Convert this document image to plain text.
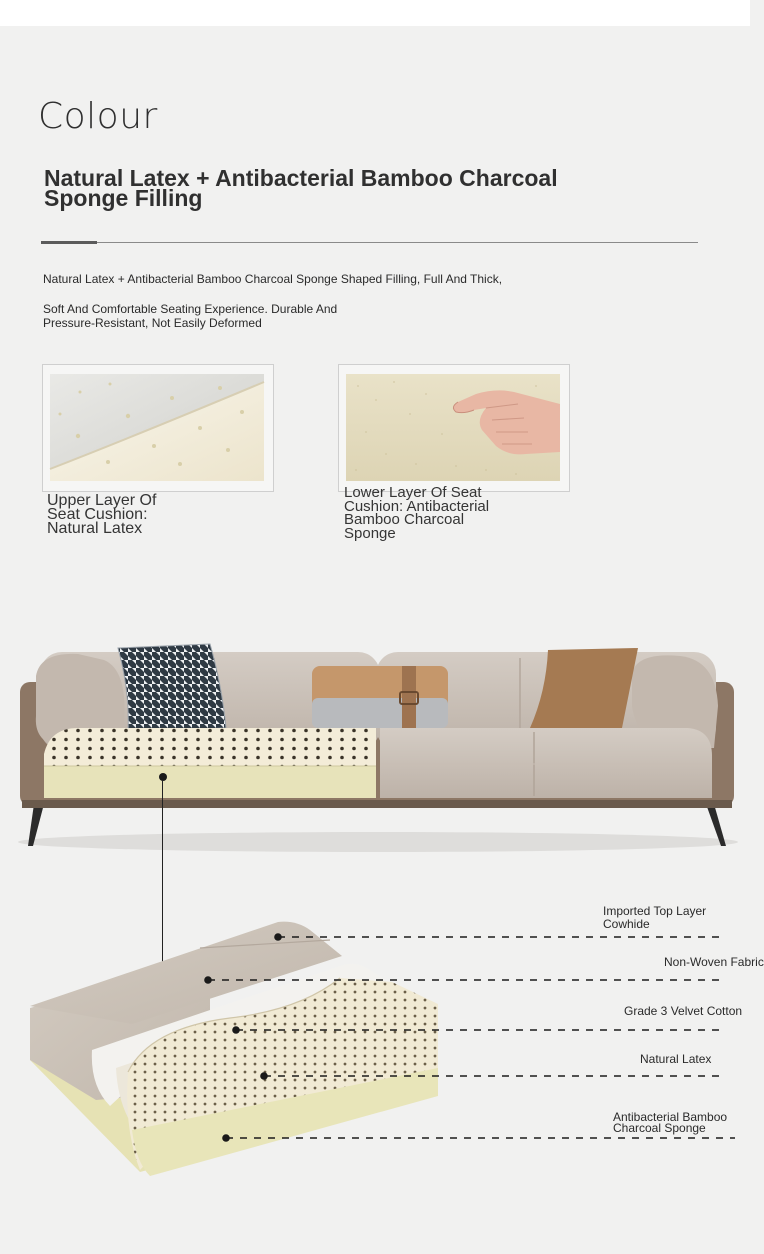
Colour
Natural Latex + Antibacterial Bamboo Charcoal Sponge Filling
Natural Latex + Antibacterial Bamboo Charcoal Sponge Shaped Filling, Full And Thick,
Soft And Comfortable Seating Experience. Durable And Pressure-Resistant, Not Easily Deformed
Upper Layer Of Seat Cushion: Natural Latex
Lower Layer Of Seat Cushion: Antibacterial Bamboo Charcoal Sponge
Imported Top Layer Cowhide
Non-Woven Fabric
Grade 3 Velvet Cotton
Natural Latex
Antibacterial Bamboo Charcoal Sponge
